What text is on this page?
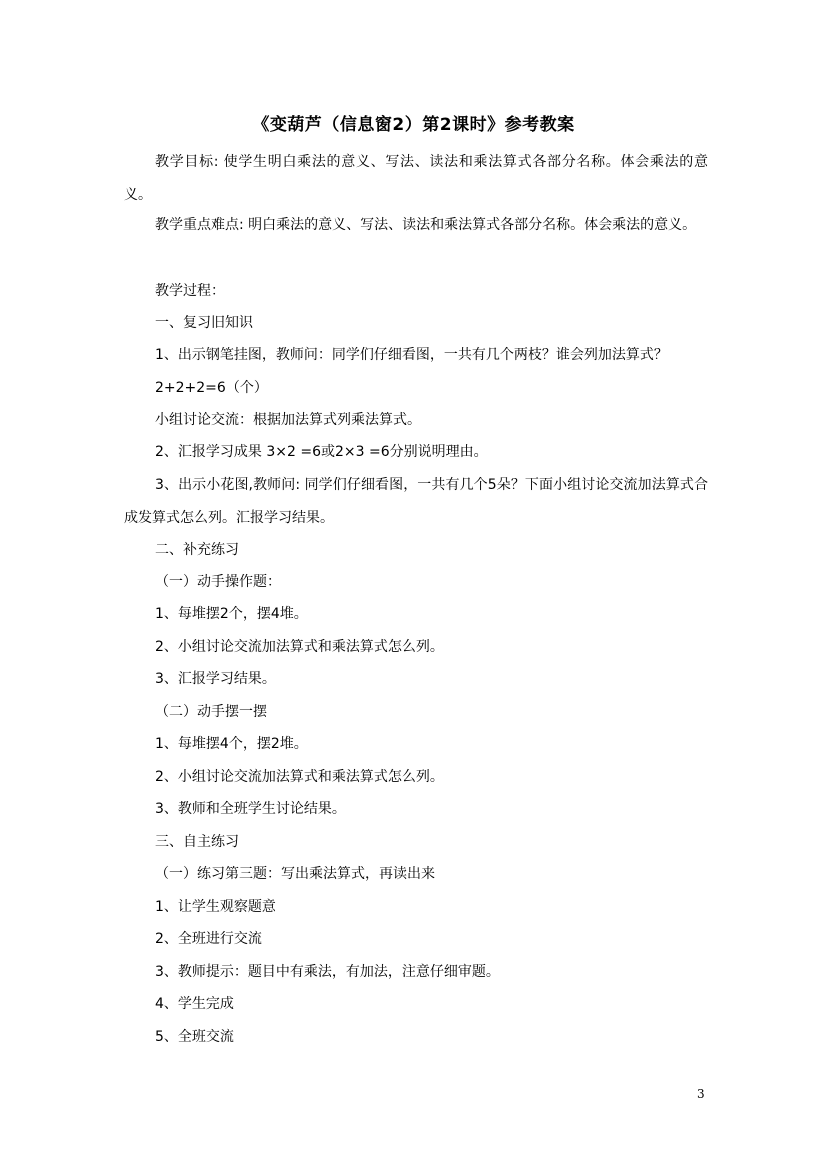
《变葫芦（信息窗2）第2课时》参考教案
教学目标: 使学生明白乘法的意义、写法、读法和乘法算式各部分名称。体会乘法的意义。
教学重点难点: 明白乘法的意义、写法、读法和乘法算式各部分名称。体会乘法的意义。
教学过程：
一、复习旧知识
1、出示钢笔挂图，教师问：同学们仔细看图，一共有几个两枝？谁会列加法算式？
2+2+2=6（个）
小组讨论交流：根据加法算式列乘法算式。
2、汇报学习成果 3×2 =6或2×3 =6分别说明理由。
3、出示小花图,教师问: 同学们仔细看图，一共有几个5朵？下面小组讨论交流加法算式合成发算式怎么列。汇报学习结果。
二、补充练习
（一）动手操作题：
1、每堆摆2个，摆4堆。
2、小组讨论交流加法算式和乘法算式怎么列。
3、汇报学习结果。
（二）动手摆一摆
1、每堆摆4个，摆2堆。
2、小组讨论交流加法算式和乘法算式怎么列。
3、教师和全班学生讨论结果。
三、自主练习
（一）练习第三题：写出乘法算式，再读出来
1、让学生观察题意
2、全班进行交流
3、教师提示：题目中有乘法，有加法，注意仔细审题。
4、学生完成
5、全班交流
3
